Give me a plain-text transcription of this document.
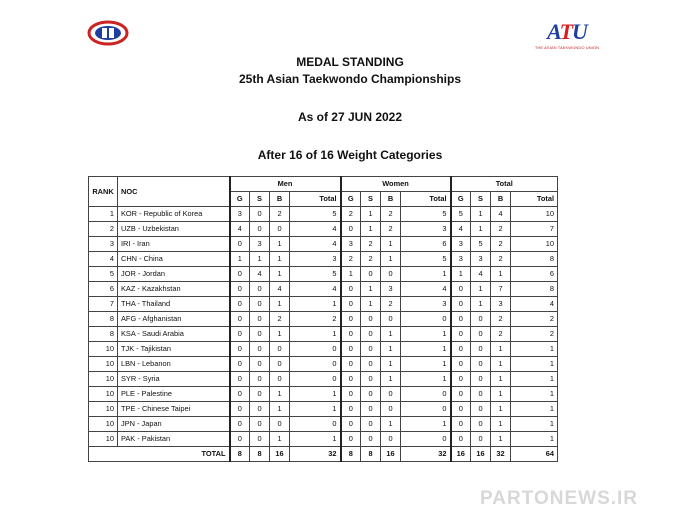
ATU
THE ASIAN TAEKWONDO UNION
MEDAL STANDING
25th Asian Taekwondo Championships
As of 27 JUN 2022
After 16 of 16 Weight Categories
RANK	NOC	Men				Women				Total			
		G	S	B	Total	G	S	B	Total	G	S	B	Total
1	KOR - Republic of Korea	3	0	2	5	2	1	2	5	5	1	4	10
2	UZB - Uzbekistan	4	0	0	4	0	1	2	3	4	1	2	7
3	IRI - Iran	0	3	1	4	3	2	1	6	3	5	2	10
4	CHN - China	1	1	1	3	2	2	1	5	3	3	2	8
5	JOR - Jordan	0	4	1	5	1	0	0	1	1	4	1	6
6	KAZ - Kazakhstan	0	0	4	4	0	1	3	4	0	1	7	8
7	THA - Thailand	0	0	1	1	0	1	2	3	0	1	3	4
8	AFG - Afghanistan	0	0	2	2	0	0	0	0	0	0	2	2
8	KSA - Saudi Arabia	0	0	1	1	0	0	1	1	0	0	2	2
10	TJK - Tajikistan	0	0	0	0	0	0	1	1	0	0	1	1
10	LBN - Lebanon	0	0	0	0	0	0	1	1	0	0	1	1
10	SYR - Syria	0	0	0	0	0	0	1	1	0	0	1	1
10	PLE - Palestine	0	0	1	1	0	0	0	0	0	0	1	1
10	TPE - Chinese Taipei	0	0	1	1	0	0	0	0	0	0	1	1
10	JPN - Japan	0	0	0	0	0	0	1	1	0	0	1	1
10	PAK - Pakistan	0	0	1	1	0	0	0	0	0	0	1	1
TOTAL		8	8	16	32	8	8	16	32	16	16	32	64
PARTONEWS.IR
